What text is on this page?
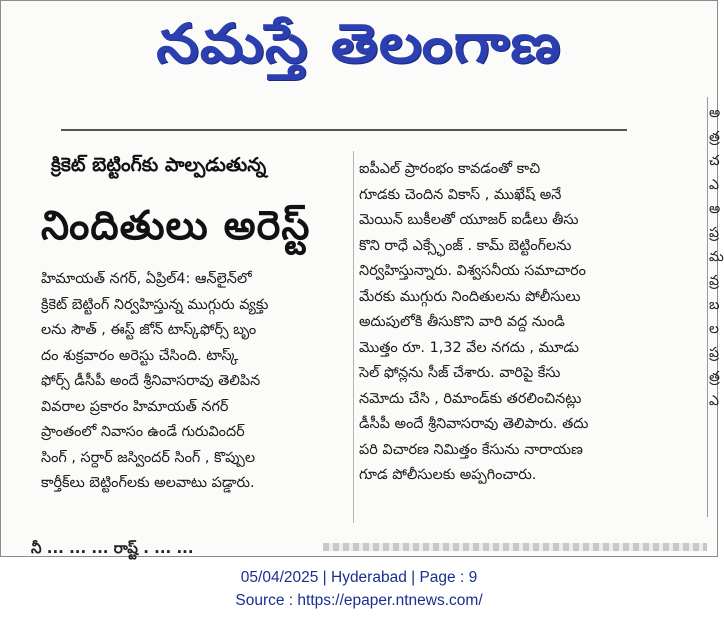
నమస్తే తెలంగాణ
అ
త్ర
చ
ఎ
అ
ప్ర
మ
వ్ర
బ
ల
ప్ర
త్ర
ఎ
క్రికెట్ బెట్టింగ్‌కు పాల్పడుతున్న
నిందితులు అరెస్ట్
హిమాయత్ నగర్, ఏప్రిల్4: ఆన్‌లైన్‌లో
క్రికెట్ బెట్టింగ్ నిర్వహిస్తున్న ముగ్గురు వ్యక్తు
లను సౌత్ , ఈస్ట్ జోన్ టాస్క్‌ఫోర్స్ బృం
దం శుక్రవారం అరెస్టు చేసింది. టాస్క్
ఫోర్స్ డీసీపీ అందే శ్రీనివాసరావు తెలిపిన
వివరాల ప్రకారం హిమాయత్ నగర్
ప్రాంతంలో నివాసం ఉండే గురువిందర్
సింగ్ , సర్దార్ జస్విందర్ సింగ్ , కొప్పుల
కార్తీక్‌లు బెట్టింగ్‌లకు అలవాటు పడ్డారు.
ఐపీఎల్ ప్రారంభం కావడంతో కాచి
గూడకు చెందిన వికాస్ , ముఖేష్ అనే
మెయిన్ బుకీలతో యూజర్ ఐడీలు తీసు
కొని రాధే ఎక్స్ఛేంజ్ . కామ్ బెట్టింగ్‌లను
నిర్వహిస్తున్నారు. విశ్వసనీయ సమాచారం
మేరకు ముగ్గురు నిందితులను పోలీసులు
అదుపులోకి తీసుకొని వారి వద్ద నుండి
మొత్తం రూ. 1,32 వేల నగదు , మూడు
సెల్ ఫోన్లను సీజ్ చేశారు. వారిపై కేసు
నమోదు చేసి , రిమాండ్‌కు తరలించినట్లు
డీసీపీ అందే శ్రీనివాసరావు తెలిపారు. తదు
పరి విచారణ నిమిత్తం కేసును నారాయణ
గూడ పోలీసులకు అప్పగించారు.
నీ ... ... ... రాష్ట్ . ... ...
05/04/2025 | Hyderabad | Page : 9
Source : https://epaper.ntnews.com/
